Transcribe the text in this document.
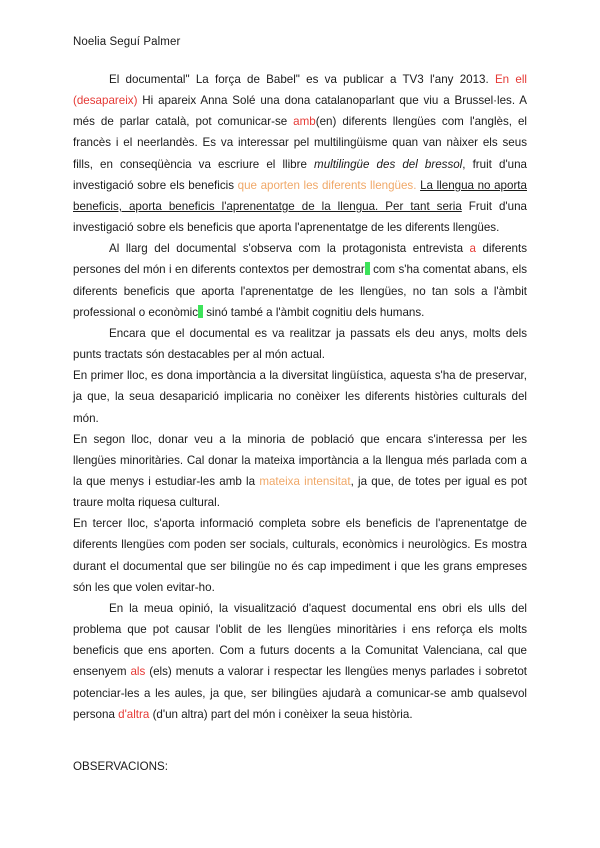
Noelia Seguí Palmer

El documental" La força de Babel" es va publicar a TV3 l'any 2013. En ell (desapareix) Hi apareix Anna Solé una dona catalanoparlant que viu a Brussel·les. A més de parlar català, pot comunicar-se amb(en) diferents llengües com l'anglès, el francès i el neerlandès. Es va interessar pel multilingüisme quan van nàixer els seus fills, en conseqüència va escriure el llibre multilingüe des del bressol, fruit d'una investigació sobre els beneficis que aporten les diferents llengües. La llengua no aporta beneficis, aporta beneficis l'aprenentatge de la llengua. Per tant seria Fruit d'una investigació sobre els beneficis que aporta l'aprenentatge de les diferents llengües.

Al llarg del documental s'observa com la protagonista entrevista a diferents persones del món i en diferents contextos per demostrar com s'ha comentat abans, els diferents beneficis que aporta l'aprenentatge de les llengües, no tan sols a l'àmbit professional o econòmic sinó també a l'àmbit cognitiu dels humans.

Encara que el documental es va realitzar ja passats els deu anys, molts dels punts tractats són destacables per al món actual.

En primer lloc, es dona importància a la diversitat lingüística, aquesta s'ha de preservar, ja que, la seua desaparició implicaria no conèixer les diferents històries culturals del món.

En segon lloc, donar veu a la minoria de població que encara s'interessa per les llengües minoritàries. Cal donar la mateixa importància a la llengua més parlada com a la que menys i estudiar-les amb la mateixa intensitat, ja que, de totes per igual es pot traure molta riquesa cultural.

En tercer lloc, s'aporta informació completa sobre els beneficis de l'aprenentatge de diferents llengües com poden ser socials, culturals, econòmics i neurològics. Es mostra durant el documental que ser bilingüe no és cap impediment i que les grans empreses són les que volen evitar-ho.

En la meua opinió, la visualització d'aquest documental ens obri els ulls del problema que pot causar l'oblit de les llengües minoritàries i ens reforça els molts beneficis que ens aporten. Com a futurs docents a la Comunitat Valenciana, cal que ensenyem als (els) menuts a valorar i respectar les llengües menys parlades i sobretot potenciar-les a les aules, ja que, ser bilingües ajudarà a comunicar-se amb qualsevol persona d'altra (d'un altra) part del món i conèixer la seua història.

OBSERVACIONS:
